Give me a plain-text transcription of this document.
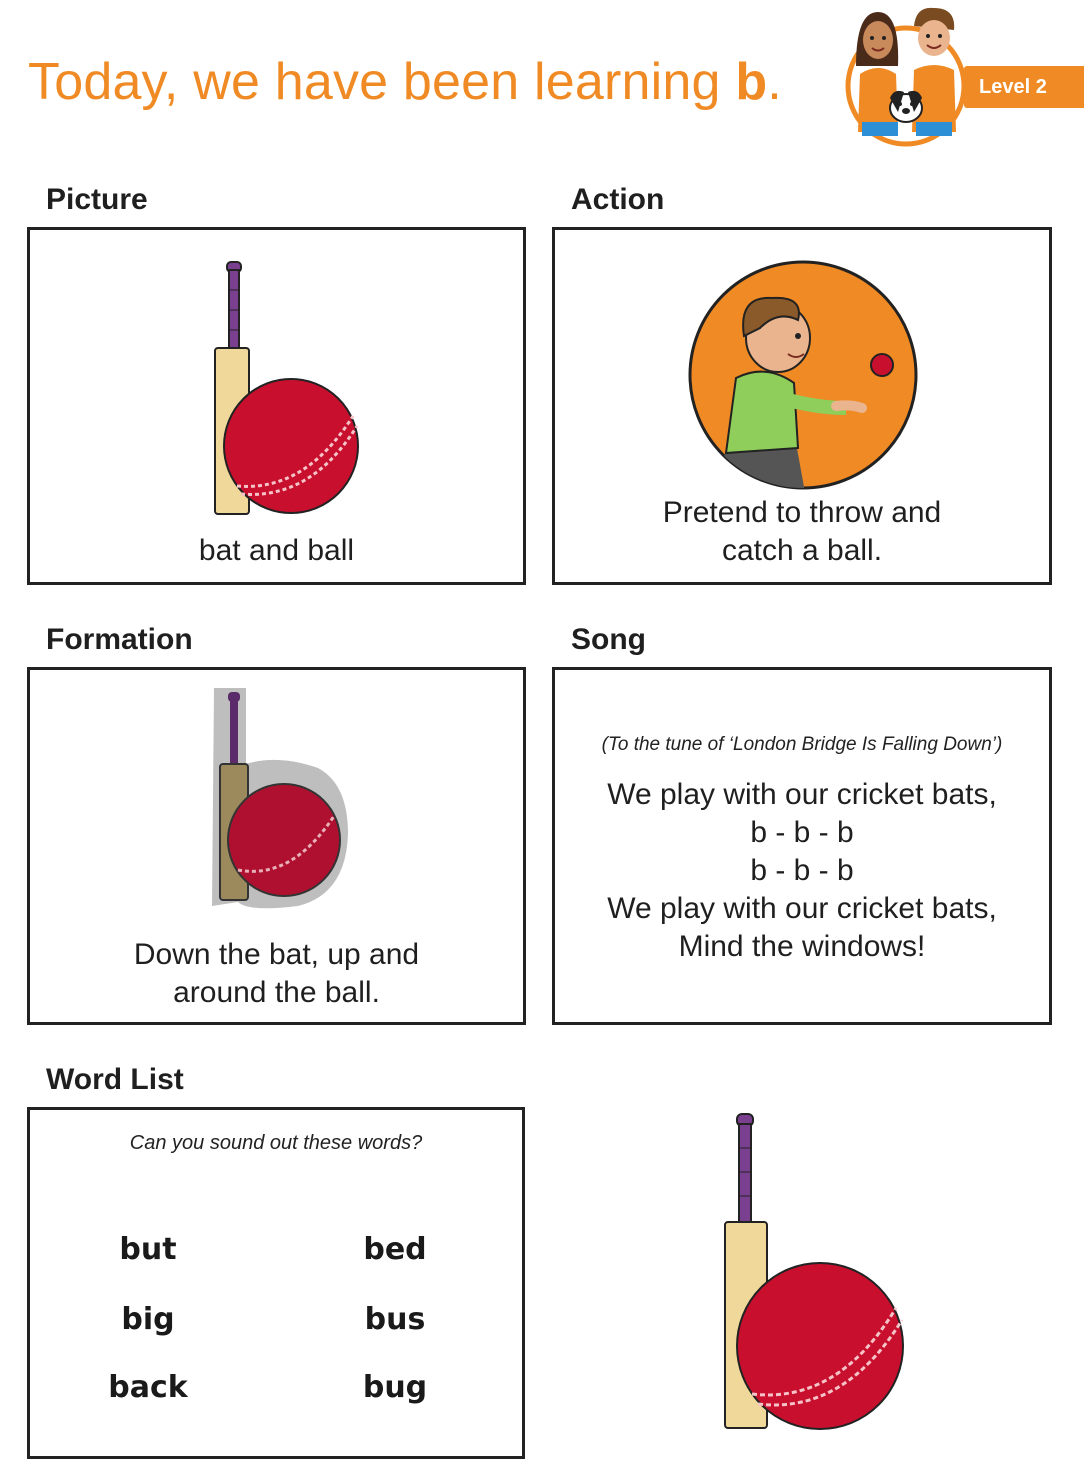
Today, we have been learning b.	Level 2
Picture
bat and ball
Action
Pretend to throw and
catch a ball.
Formation
Down the bat, up and
around the ball.
Song
(To the tune of ‘London Bridge Is Falling Down’)
We play with our cricket bats,
b - b - b
b - b - b
We play with our cricket bats,
Mind the windows!
Word List
Can you sound out these words?
but
big
back
bed
bus
bug
